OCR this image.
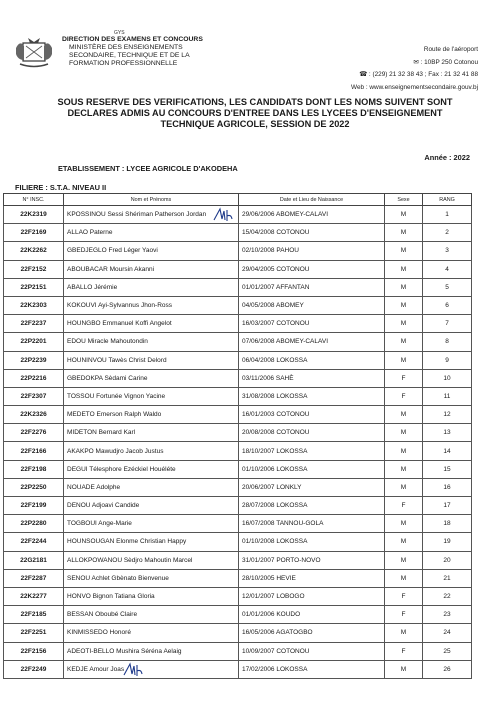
GYS
DIRECTION DES EXAMENS ET CONCOURS
MINISTÈRE DES ENSEIGNEMENTS
SECONDAIRE, TECHNIQUE ET DE LA
FORMATION PROFESSIONNELLE
Route de l'aéroport
✉ : 10BP 250 Cotonou
☎ : (229) 21 32 38 43 ; Fax : 21 32 41 88
Web : www.enseignementsecondaire.gouv.bj
SOUS RESERVE DES VERIFICATIONS, LES CANDIDATS DONT LES NOMS SUIVENT SONT
DECLARES ADMIS AU CONCOURS D'ENTREE DANS LES LYCEES D'ENSEIGNEMENT
TECHNIQUE AGRICOLE, SESSION DE 2022
Année : 2022
ETABLISSEMENT : LYCEE AGRICOLE D'AKODEHA
FILIERE : S.T.A. NIVEAU II
N° INSC.	Nom et Prénoms	Date et Lieu de Naissance	Sexe	RANG
22K2319	KPOSSINOU Sessi Shériman Patherson Jordan	29/06/2006 ABOMEY-CALAVI	M	1
22F2169	ALLAO Paterne	15/04/2008 COTONOU	M	2
22K2262	GBEDJEGLO Fred Léger Yaovi	02/10/2008 PAHOU	M	3
22F2152	ABOUBACAR Moursin Akanni	29/04/2005 COTONOU	M	4
22P2151	ABALLO Jérémie	01/01/2007 AFFANTAN	M	5
22K2303	KOKOUVI Ayi-Sylvannus Jhon-Ross	04/05/2008 ABOMEY	M	6
22F2237	HOUNGBO Emmanuel Koffi Angelot	16/03/2007 COTONOU	M	7
22P2201	EDOU Miracle Mahoutondin	07/06/2008 ABOMEY-CALAVI	M	8
22P2239	HOUNINVOU Tawès Christ Delord	06/04/2008 LOKOSSA	M	9
22P2216	GBEDOKPA Sèdami Carine	03/11/2006 SAHÈ	F	10
22F2307	TOSSOU Fortunée Vignon Yacine	31/08/2008 LOKOSSA	F	11
22K2326	MEDETO Emerson Ralph Waldo	16/01/2003 COTONOU	M	12
22F2276	MIDETON Bernard Karl	20/08/2008 COTONOU	M	13
22F2166	AKAKPO Mawudjro Jacob Justus	18/10/2007 LOKOSSA	M	14
22F2198	DEGUI Télesphore Ezéckiel Houéléte	01/10/2006 LOKOSSA	M	15
22P2250	NOUADE Adolphe	20/06/2007 LONKLY	M	16
22F2199	DENOU Adjoavi Candide	28/07/2008 LOKOSSA	F	17
22P2280	TOGBOUI Ange-Marie	16/07/2008 TANNOU-GOLA	M	18
22F2244	HOUNSOUGAN Elonme Christian Happy	01/10/2008 LOKOSSA	M	19
22G2181	ALLOKPOWANOU Sèdjro Mahoutin Marcel	31/01/2007 PORTO-NOVO	M	20
22F2287	SENOU Achlet Gbènato Bienvenue	28/10/2005 HEVIE	M	21
22K2277	HONVO Bignon Tatiana Gloria	12/01/2007 LOBOGO	F	22
22F2185	BESSAN Oboubé Claire	01/01/2006 KOUDO	F	23
22F2251	KINMISSEDO Honoré	16/05/2006 AGATOGBO	M	24
22F2156	ADEOTI-BELLO Mushira Séréna Aelaig	10/09/2007 COTONOU	F	25
22F2249	KEDJE Amour Joas	17/02/2006 LOKOSSA	M	26
